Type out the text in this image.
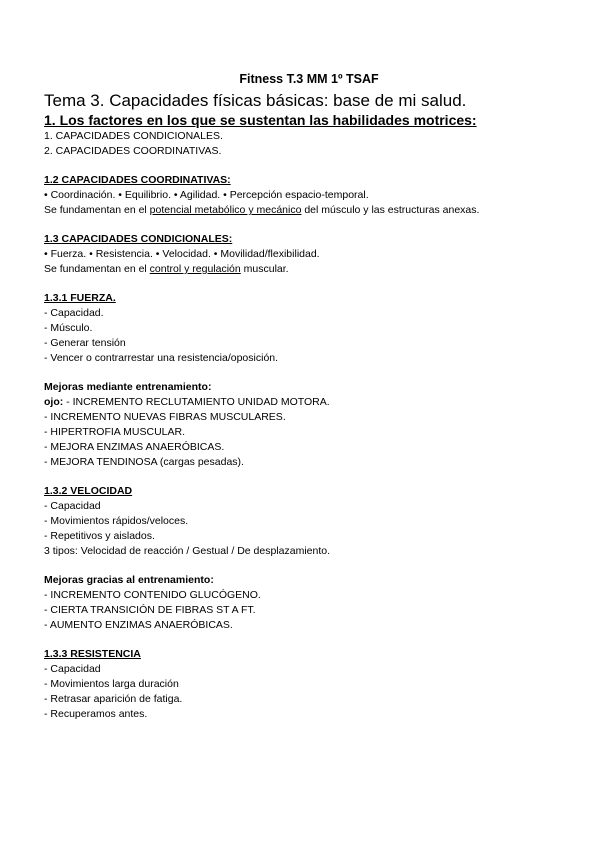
Fitness T.3 MM 1º TSAF
Tema 3. Capacidades físicas básicas: base de mi salud.
1. Los factores en los que se sustentan las habilidades motrices:

1. CAPACIDADES CONDICIONALES.

2. CAPACIDADES COORDINATIVAS.

1.2 CAPACIDADES COORDINATIVAS:

• Coordinación. • Equilibrio. • Agilidad. • Percepción espacio-temporal.

Se fundamentan en el potencial metabólico y mecánico del músculo y las estructuras anexas.

1.3 CAPACIDADES CONDICIONALES:

• Fuerza. • Resistencia. • Velocidad. • Movilidad/flexibilidad.

Se fundamentan en el control y regulación muscular.

1.3.1 FUERZA.

- Capacidad.

- Músculo.

- Generar tensión

- Vencer o contrarrestar una resistencia/oposición.

Mejoras mediante entrenamiento:

ojo: - INCREMENTO RECLUTAMIENTO UNIDAD MOTORA.

- INCREMENTO NUEVAS FIBRAS MUSCULARES.

- HIPERTROFIA MUSCULAR.

- MEJORA ENZIMAS ANAERÓBICAS.

- MEJORA TENDINOSA (cargas pesadas).

1.3.2 VELOCIDAD

- Capacidad

- Movimientos rápidos/veloces.

- Repetitivos y aislados.

3 tipos: Velocidad de reacción / Gestual / De desplazamiento.

Mejoras gracias al entrenamiento:

- INCREMENTO CONTENIDO GLUCÓGENO.

- CIERTA TRANSICIÓN DE FIBRAS ST A FT.

- AUMENTO ENZIMAS ANAERÓBICAS.

1.3.3 RESISTENCIA

- Capacidad

- Movimientos larga duración

- Retrasar aparición de fatiga.

- Recuperamos antes.
